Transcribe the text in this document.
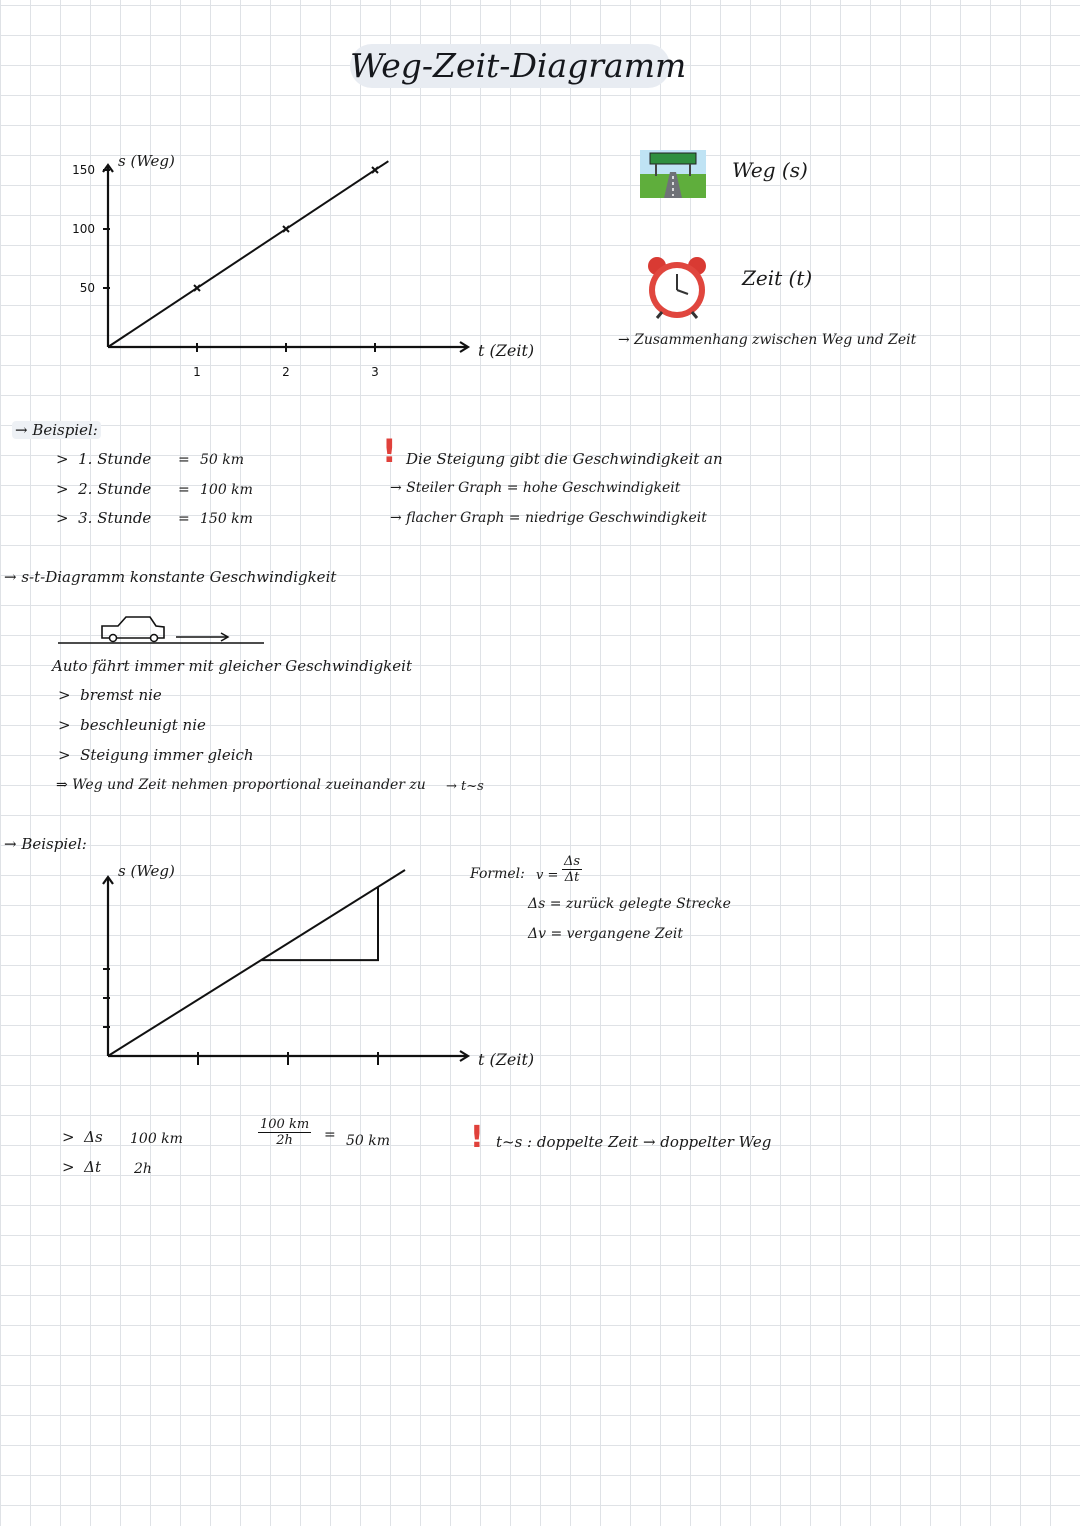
Weg-Zeit-Diagramm
1	2	3
50
100
150 s (Weg)
t (Zeit)
Weg (s)
Zeit (t)
→ Zusammenhang zwischen Weg und Zeit
→ Beispiel:
>  1. Stunde = 50 km
>  2. Stunde = 100 km
>  3. Stunde = 150 km
! Die Steigung gibt die Geschwindigkeit an
→ Steiler Graph = hohe Geschwindigkeit
→ flacher Graph = niedrige Geschwindigkeit
→ s-t-Diagramm konstante Geschwindigkeit
Auto fährt immer mit gleicher Geschwindigkeit
>  bremst nie
>  beschleunigt nie
>  Steigung immer gleich
⇒ Weg und Zeit nehmen proportional zueinander zu → t~s
→ Beispiel:
s (Weg)
t (Zeit)
Formel: $v = \frac{\Delta s}{\Delta t}$
Δs = zurück gelegte Strecke
Δv = vergangene Zeit
>  Δs 100 km
>  Δt 2h
$\frac{100 km}{2h} = 50$ km	! t~s : doppelte Zeit → doppelter Weg
